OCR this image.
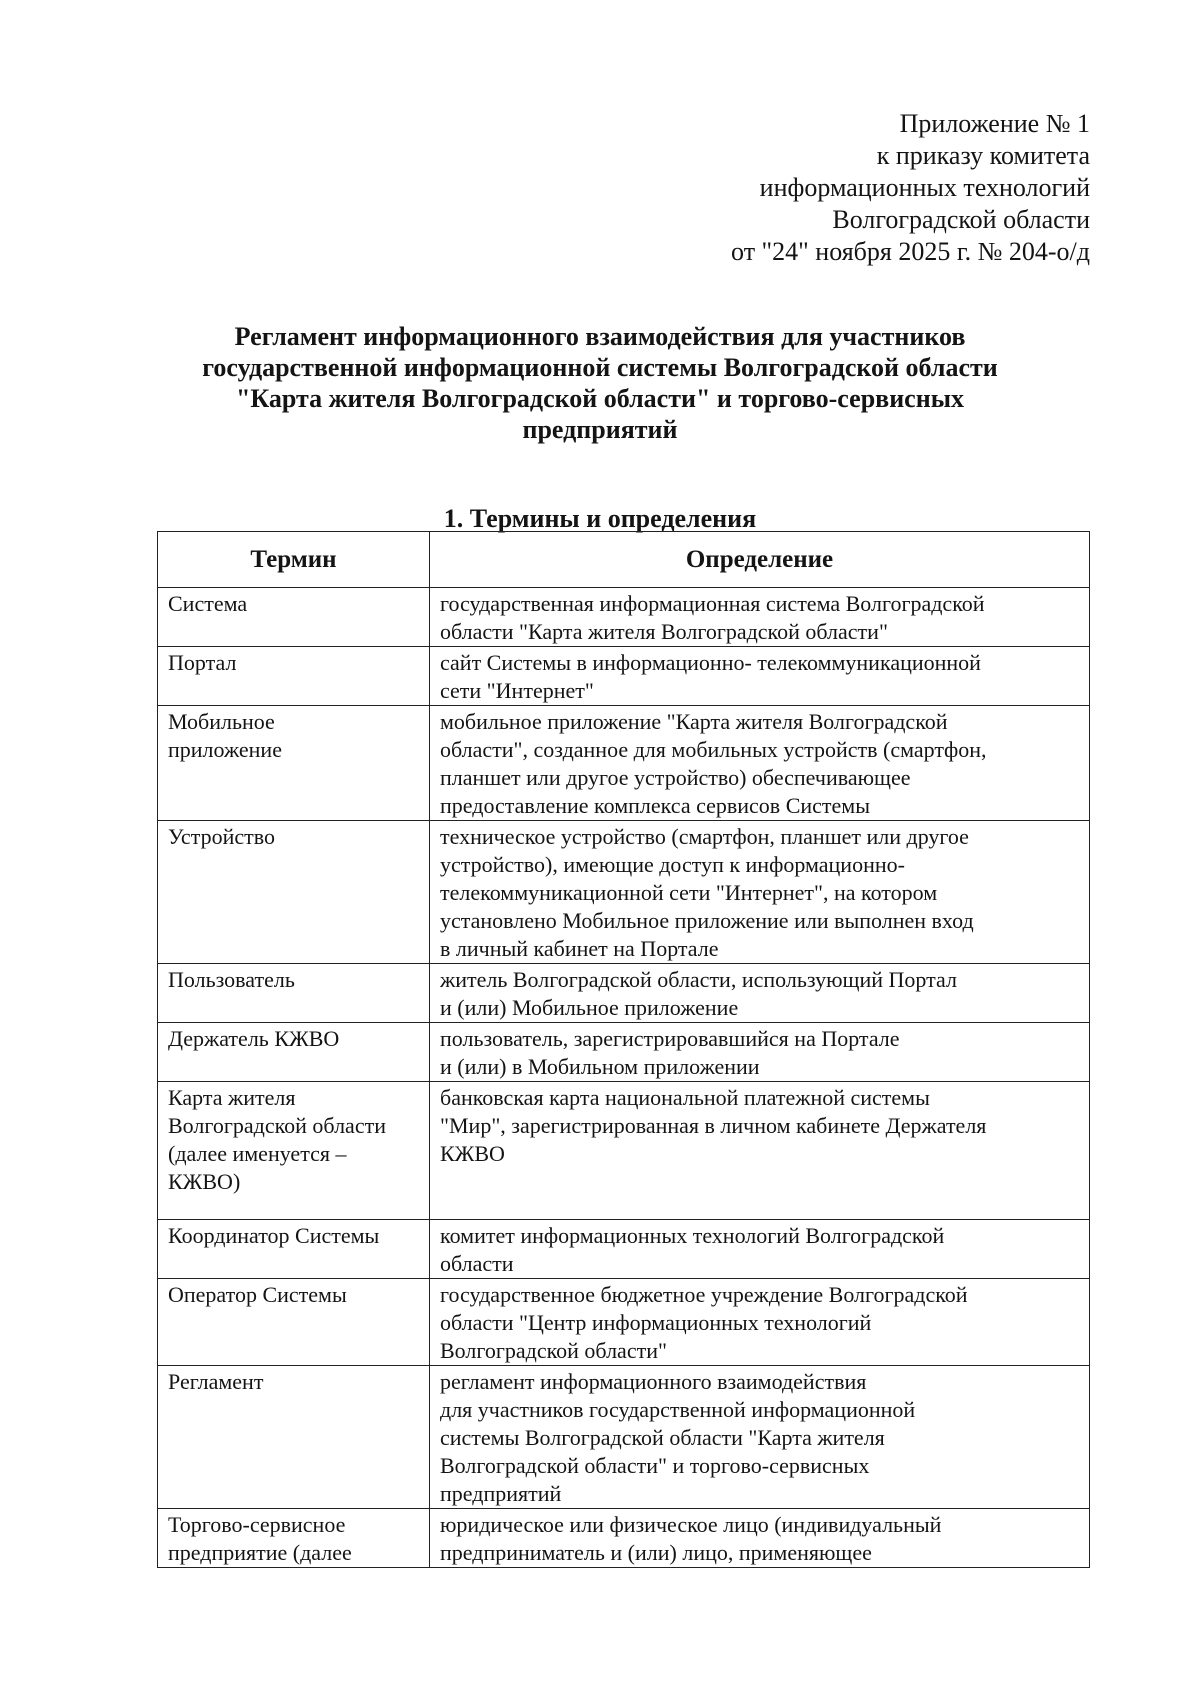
Приложение № 1
к приказу комитета
информационных технологий
Волгоградской области
от "24" ноября 2025 г. № 204-о/д
Регламент информационного взаимодействия для участников
государственной информационной системы Волгоградской области
"Карта жителя Волгоградской области" и торгово-сервисных
предприятий
1. Термины и определения
Термин	Определение

Система	государственная информационная система Волгоградской
области "Карта жителя Волгоградской области"

Портал	сайт Системы в информационно- телекоммуникационной
сети "Интернет"

Мобильное
приложение	мобильное приложение "Карта жителя Волгоградской
области", созданное для мобильных устройств (смартфон,
планшет или другое устройство) обеспечивающее
предоставление комплекса сервисов Системы

Устройство	техническое устройство (смартфон, планшет или другое
устройство), имеющие доступ к информационно-
телекоммуникационной сети "Интернет", на котором
установлено Мобильное приложение или выполнен вход
в личный кабинет на Портале

Пользователь	житель Волгоградской области, использующий Портал
и (или) Мобильное приложение

Держатель КЖВО	пользователь, зарегистрировавшийся на Портале
и (или) в Мобильном приложении

Карта жителя
Волгоградской области
(далее именуется –
КЖВО)	банковская карта национальной платежной системы
"Мир", зарегистрированная в личном кабинете Держателя
КЖВО

Координатор Системы	комитет информационных технологий Волгоградской
области

Оператор Системы	государственное бюджетное учреждение Волгоградской
области "Центр информационных технологий
Волгоградской области"

Регламент	регламент информационного взаимодействия
для участников государственной информационной
системы Волгоградской области "Карта жителя
Волгоградской области" и торгово-сервисных
предприятий

Торгово-сервисное
предприятие (далее	юридическое или физическое лицо (индивидуальный
предприниматель и (или) лицо, применяющее
